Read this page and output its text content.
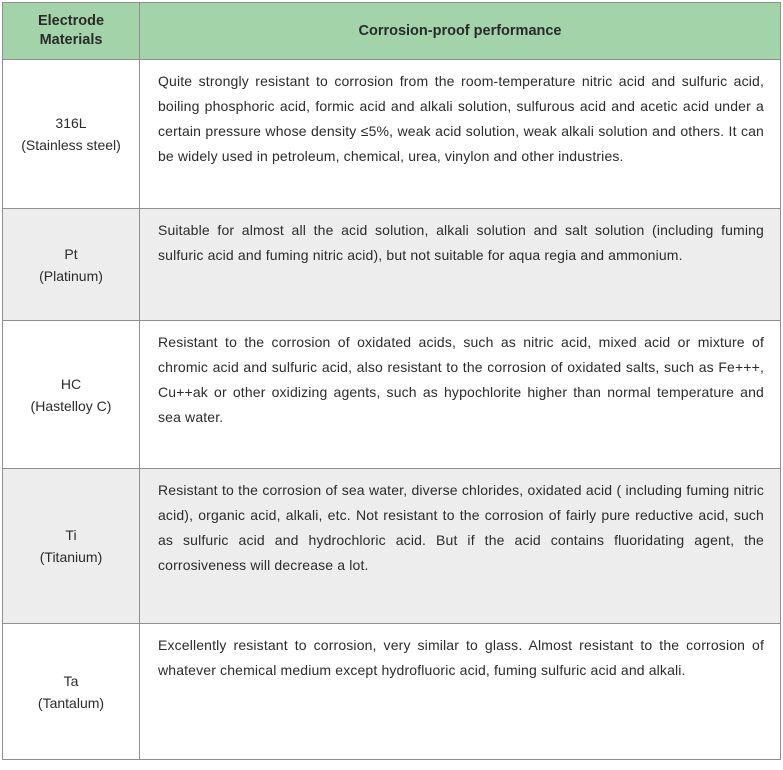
Electrode Materials	Corrosion-proof performance

316L
(Stainless steel)	Quite strongly resistant to corrosion from the room-temperature nitric acid and sulfuric acid, boiling phosphoric acid, formic acid and alkali solution, sulfurous acid and acetic acid under a certain pressure whose density ≤5%, weak acid solution, weak alkali solution and others. It can be widely used in petroleum, chemical, urea, vinylon and other industries.

Pt
(Platinum)	Suitable for almost all the acid solution, alkali solution and salt solution (including fuming sulfuric acid and fuming nitric acid), but not suitable for aqua regia and ammonium.

HC
(Hastelloy C)	Resistant to the corrosion of oxidated acids, such as nitric acid, mixed acid or mixture of chromic acid and sulfuric acid, also resistant to the corrosion of oxidated salts, such as Fe+++, Cu++ak or other oxidizing agents, such as hypochlorite higher than normal temperature and sea water.

Ti
(Titanium)	Resistant to the corrosion of sea water, diverse chlorides, oxidated acid ( including fuming nitric acid), organic acid, alkali, etc. Not resistant to the corrosion of fairly pure reductive acid, such as sulfuric acid and hydrochloric acid. But if the acid contains fluoridating agent, the corrosiveness will decrease a lot.

Ta
(Tantalum)	Excellently resistant to corrosion, very similar to glass. Almost resistant to the corrosion of whatever chemical medium except hydrofluoric acid, fuming sulfuric acid and alkali.
